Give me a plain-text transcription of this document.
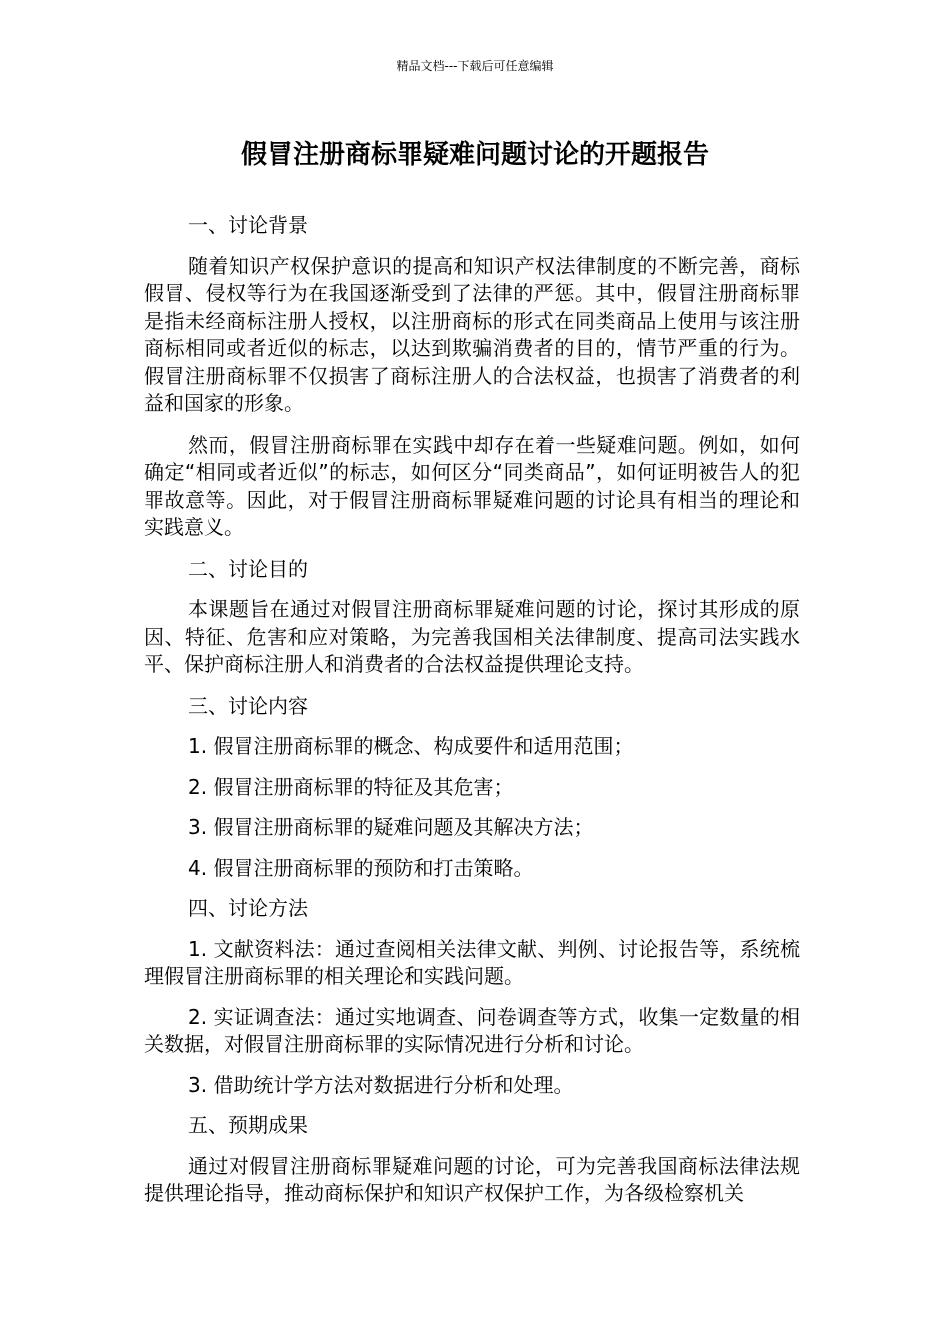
精品文档---下载后可任意编辑
假冒注册商标罪疑难问题讨论的开题报告
一、讨论背景

随着知识产权保护意识的提高和知识产权法律制度的不断完善，商标假冒、侵权等行为在我国逐渐受到了法律的严惩。其中，假冒注册商标罪是指未经商标注册人授权，以注册商标的形式在同类商品上使用与该注册商标相同或者近似的标志，以达到欺骗消费者的目的，情节严重的行为。假冒注册商标罪不仅损害了商标注册人的合法权益，也损害了消费者的利益和国家的形象。

然而，假冒注册商标罪在实践中却存在着一些疑难问题。例如，如何确定“相同或者近似”的标志，如何区分“同类商品”，如何证明被告人的犯罪故意等。因此，对于假冒注册商标罪疑难问题的讨论具有相当的理论和实践意义。

二、讨论目的

本课题旨在通过对假冒注册商标罪疑难问题的讨论，探讨其形成的原因、特征、危害和应对策略，为完善我国相关法律制度、提高司法实践水平、保护商标注册人和消费者的合法权益提供理论支持。

三、讨论内容
1. 假冒注册商标罪的概念、构成要件和适用范围；
2. 假冒注册商标罪的特征及其危害；
3. 假冒注册商标罪的疑难问题及其解决方法；
4. 假冒注册商标罪的预防和打击策略。
四、讨论方法
1. 文献资料法：通过查阅相关法律文献、判例、讨论报告等，系统梳理假冒注册商标罪的相关理论和实践问题。
2. 实证调查法：通过实地调查、问卷调查等方式，收集一定数量的相关数据，对假冒注册商标罪的实际情况进行分析和讨论。
3. 借助统计学方法对数据进行分析和处理。
五、预期成果

通过对假冒注册商标罪疑难问题的讨论，可为完善我国商标法律法规提供理论指导，推动商标保护和知识产权保护工作，为各级检察机关
